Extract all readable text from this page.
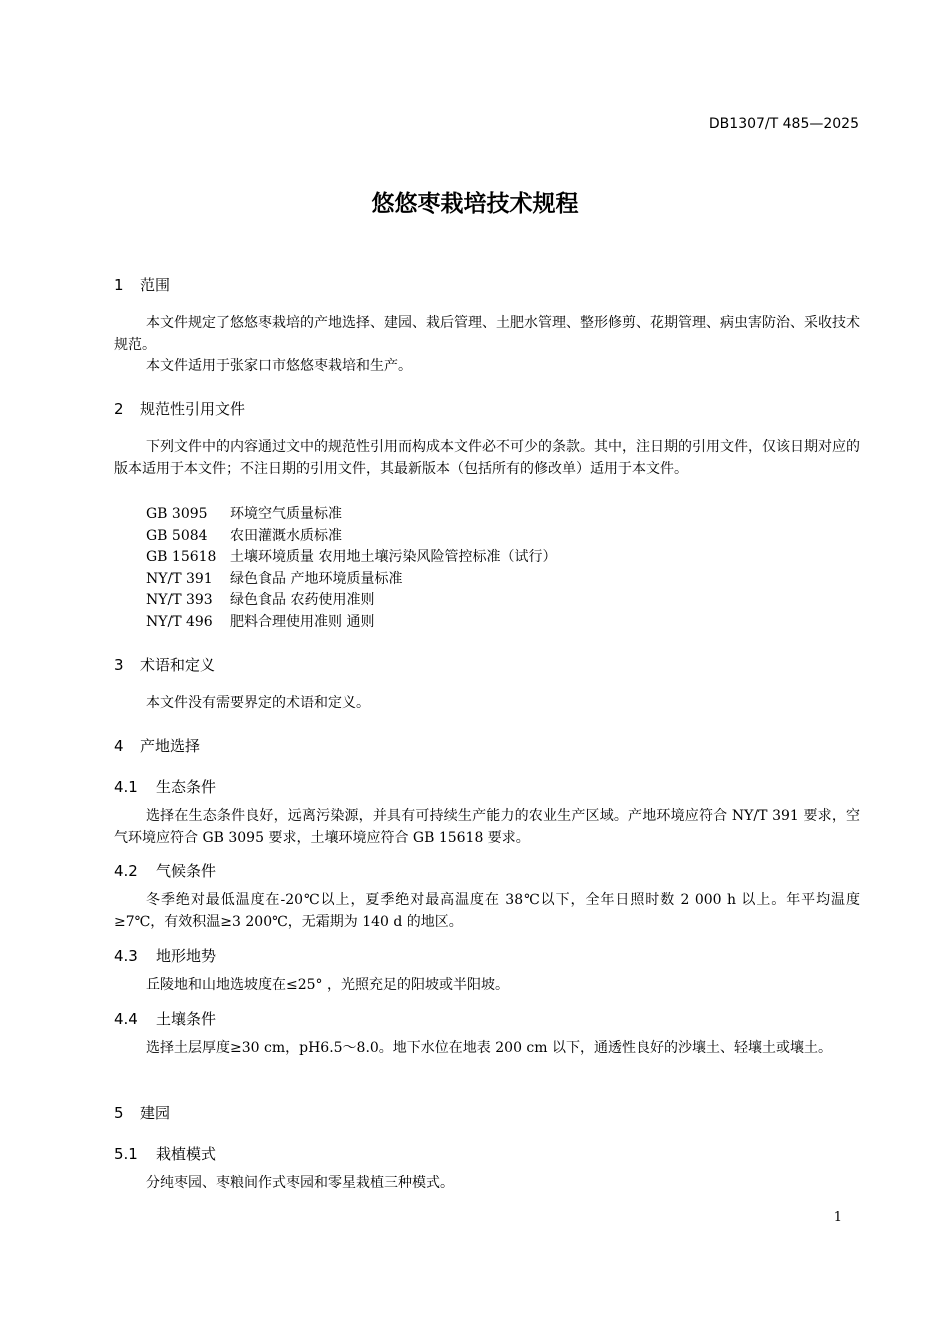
DB1307/T 485—2025
悠悠枣栽培技术规程
1 范围
本文件规定了悠悠枣栽培的产地选择、建园、栽后管理、土肥水管理、整形修剪、花期管理、病虫害防治、采收技术规范。
本文件适用于张家口市悠悠枣栽培和生产。
2 规范性引用文件
下列文件中的内容通过文中的规范性引用而构成本文件必不可少的条款。其中，注日期的引用文件，仅该日期对应的版本适用于本文件；不注日期的引用文件，其最新版本（包括所有的修改单）适用于本文件。
GB 3095 环境空气质量标准
GB 5084 农田灌溉水质标准
GB 15618 土壤环境质量 农用地土壤污染风险管控标准（试行）
NY/T 391 绿色食品 产地环境质量标准
NY/T 393 绿色食品 农药使用准则
NY/T 496 肥料合理使用准则 通则
3 术语和定义
本文件没有需要界定的术语和定义。
4 产地选择
4.1 生态条件
选择在生态条件良好，远离污染源，并具有可持续生产能力的农业生产区域。产地环境应符合 NY/T 391 要求，空气环境应符合 GB 3095 要求，土壤环境应符合 GB 15618 要求。
4.2 气候条件
冬季绝对最低温度在-20℃以上，夏季绝对最高温度在 38℃以下，全年日照时数 2 000 h 以上。年平均温度≥7℃，有效积温≥3 200℃，无霜期为 140 d 的地区。
4.3 地形地势
丘陵地和山地选坡度在≤25° ，光照充足的阳坡或半阳坡。
4.4 土壤条件
选择土层厚度≥30 cm，pH6.5～8.0。地下水位在地表 200 cm 以下，通透性良好的沙壤土、轻壤土或壤土。
5 建园
5.1 栽植模式
分纯枣园、枣粮间作式枣园和零星栽植三种模式。
1
